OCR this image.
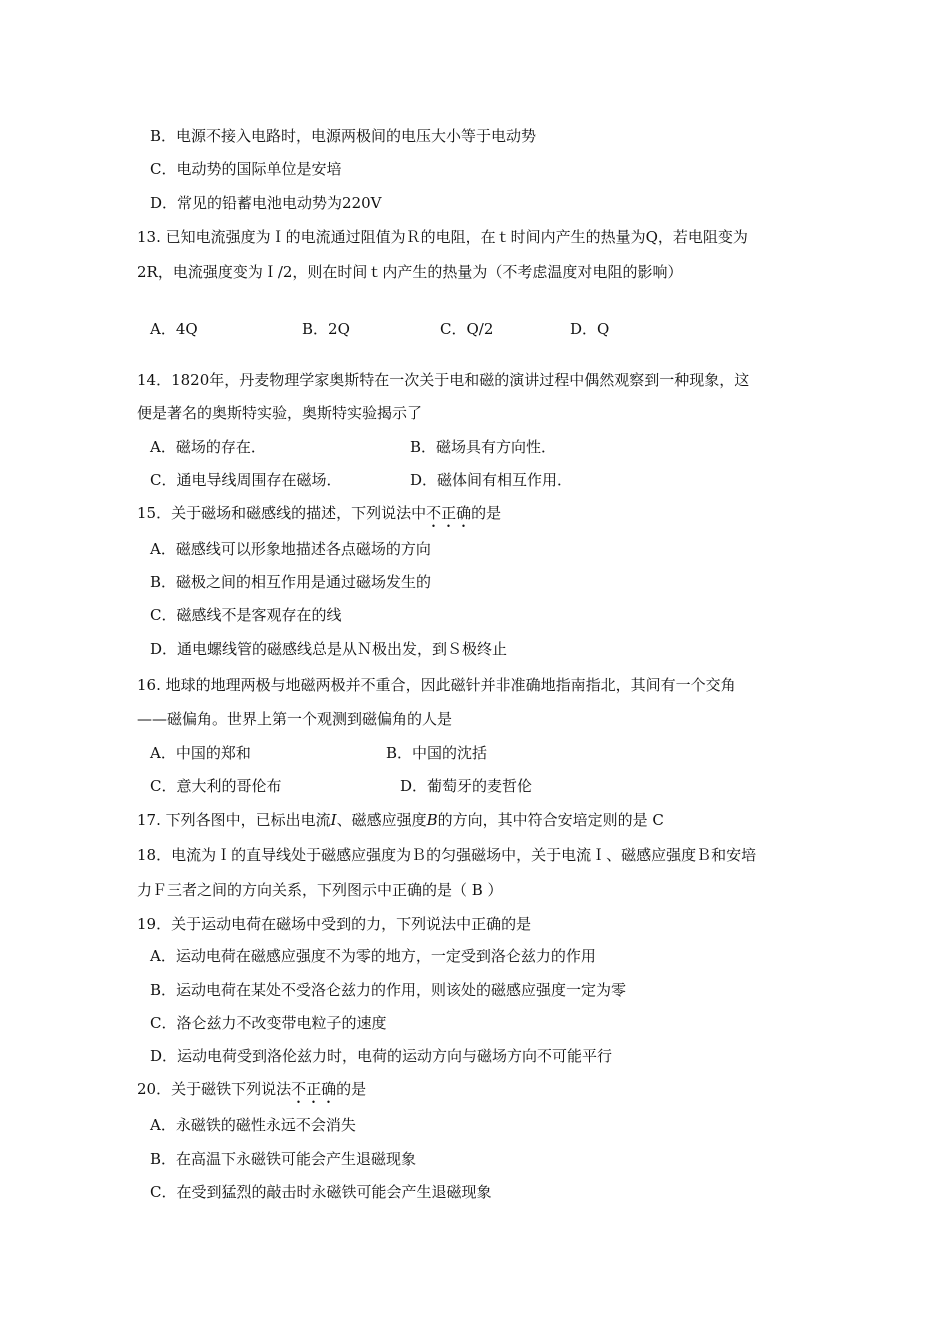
B．电源不接入电路时，电源两极间的电压大小等于电动势
C．电动势的国际单位是安培
D．常见的铅蓄电池电动势为220V
13. 已知电流强度为Ｉ的电流通过阻值为Ｒ的电阻，在ｔ时间内产生的热量为Q，若电阻变为
2R，电流强度变为Ｉ/2，则在时间ｔ内产生的热量为（不考虑温度对电阻的影响）
A．4Q	B．2Q	C．Q/2	D．Q
14．1820年，丹麦物理学家奥斯特在一次关于电和磁的演讲过程中偶然观察到一种现象，这
便是著名的奥斯特实验，奥斯特实验揭示了
A．磁场的存在．	B．磁场具有方向性．
C．通电导线周围存在磁场．	D．磁体间有相互作用．
15．关于磁场和磁感线的描述，下列说法中不正确的是
A．磁感线可以形象地描述各点磁场的方向
B．磁极之间的相互作用是通过磁场发生的
C．磁感线不是客观存在的线
D．通电螺线管的磁感线总是从Ｎ极出发，到Ｓ极终止
16. 地球的地理两极与地磁两极并不重合，因此磁针并非准确地指南指北，其间有一个交角
——磁偏角。世界上第一个观测到磁偏角的人是
A．中国的郑和	B．中国的沈括
C．意大利的哥伦布	D．葡萄牙的麦哲伦
17. 下列各图中，已标出电流I、磁感应强度B的方向，其中符合安培定则的是 C
18．电流为Ｉ的直导线处于磁感应强度为Ｂ的匀强磁场中，关于电流Ｉ、磁感应强度Ｂ和安培
力Ｆ三者之间的方向关系，下列图示中正确的是（ B ）
19．关于运动电荷在磁场中受到的力，下列说法中正确的是
A．运动电荷在磁感应强度不为零的地方，一定受到洛仑兹力的作用
B．运动电荷在某处不受洛仑兹力的作用，则该处的磁感应强度一定为零
C．洛仑兹力不改变带电粒子的速度
D．运动电荷受到洛伦兹力时，电荷的运动方向与磁场方向不可能平行
20．关于磁铁下列说法不正确的是
A．永磁铁的磁性永远不会消失
B．在高温下永磁铁可能会产生退磁现象
C．在受到猛烈的敲击时永磁铁可能会产生退磁现象
